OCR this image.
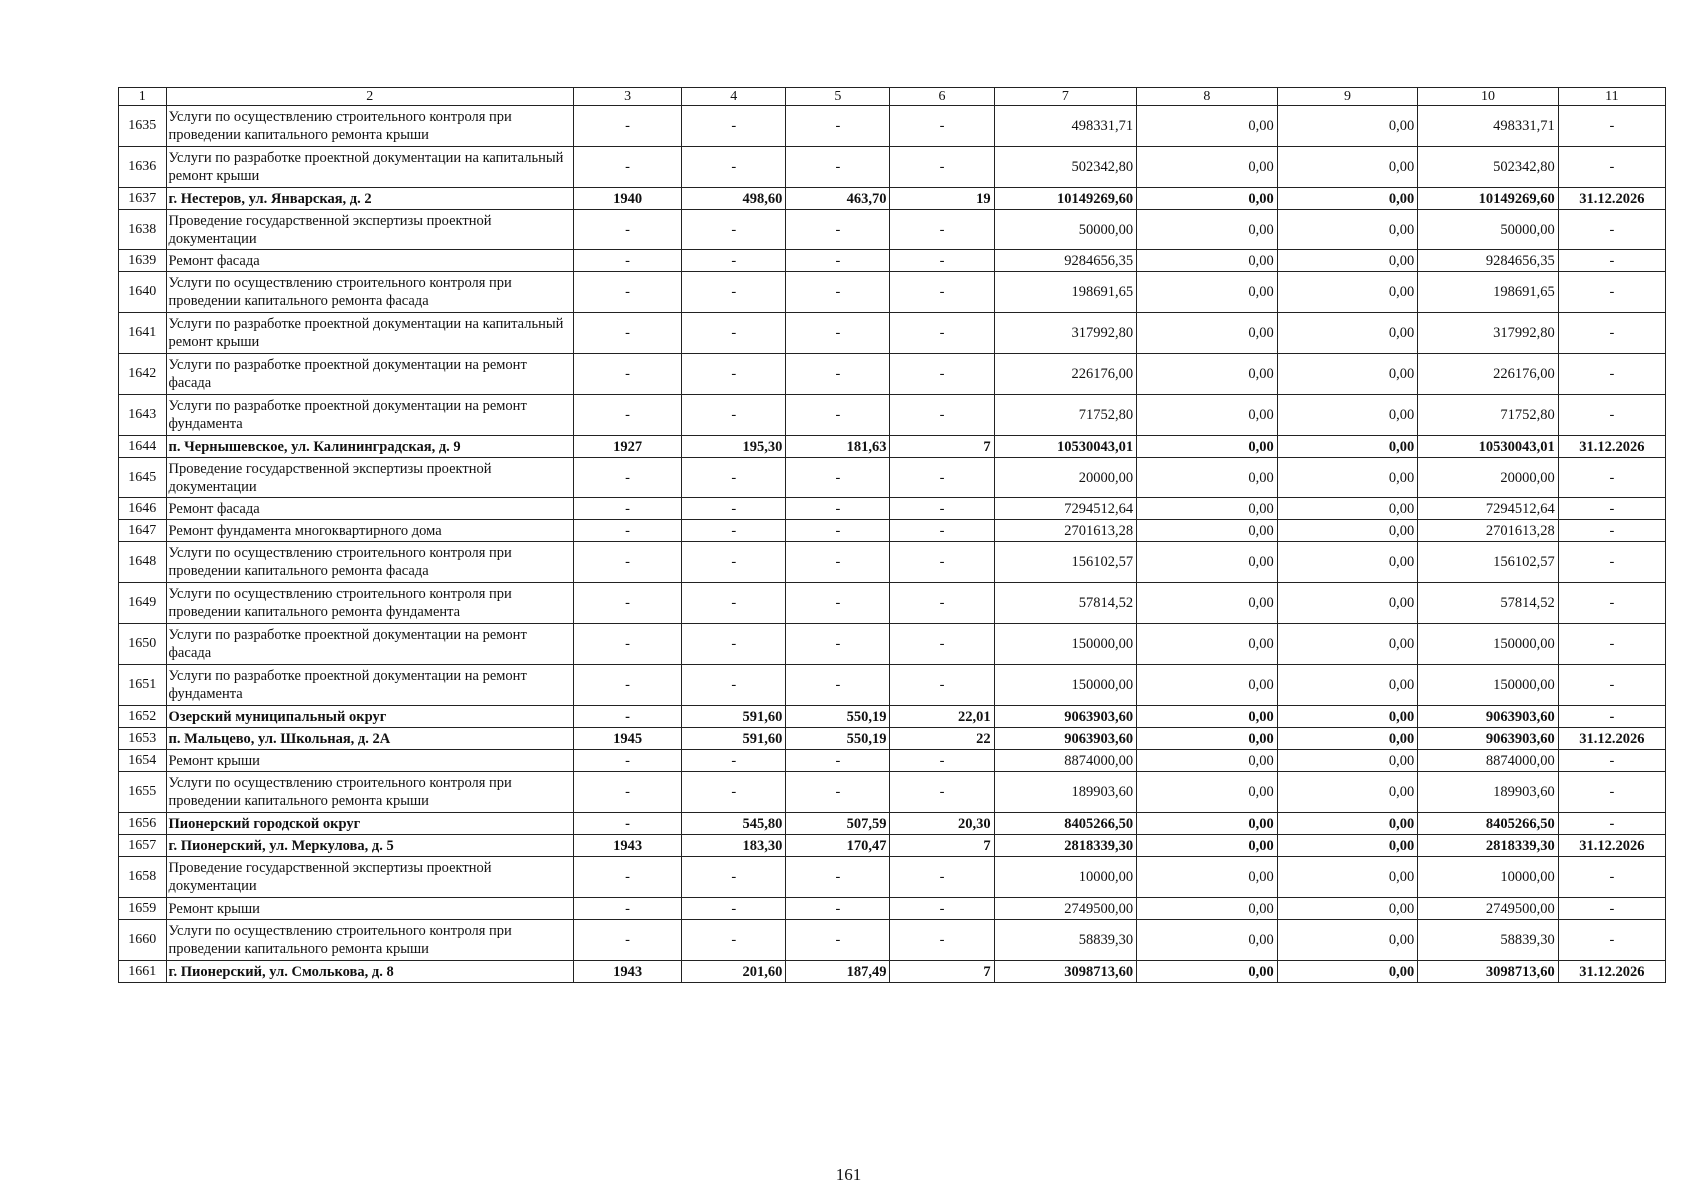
1	2	3	4	5	6	7	8	9	10	11
1635	Услуги по осуществлению строительного контроля при проведении капитального ремонта крыши	-	-	-	-	498331,71	0,00	0,00	498331,71	-
1636	Услуги по разработке проектной документации на капитальный ремонт крыши	-	-	-	-	502342,80	0,00	0,00	502342,80	-
1637	г. Нестеров, ул. Январская, д. 2	1940	498,60	463,70	19	10149269,60	0,00	0,00	10149269,60	31.12.2026
1638	Проведение государственной экспертизы проектной документации	-	-	-	-	50000,00	0,00	0,00	50000,00	-
1639	Ремонт фасада	-	-	-	-	9284656,35	0,00	0,00	9284656,35	-
1640	Услуги по осуществлению строительного контроля при проведении капитального ремонта фасада	-	-	-	-	198691,65	0,00	0,00	198691,65	-
1641	Услуги по разработке проектной документации на капитальный ремонт крыши	-	-	-	-	317992,80	0,00	0,00	317992,80	-
1642	Услуги по разработке проектной документации на ремонт фасада	-	-	-	-	226176,00	0,00	0,00	226176,00	-
1643	Услуги по разработке проектной документации на ремонт фундамента	-	-	-	-	71752,80	0,00	0,00	71752,80	-
1644	п. Чернышевское, ул. Калининградская, д. 9	1927	195,30	181,63	7	10530043,01	0,00	0,00	10530043,01	31.12.2026
1645	Проведение государственной экспертизы проектной документации	-	-	-	-	20000,00	0,00	0,00	20000,00	-
1646	Ремонт фасада	-	-	-	-	7294512,64	0,00	0,00	7294512,64	-
1647	Ремонт фундамента многоквартирного дома	-	-	-	-	2701613,28	0,00	0,00	2701613,28	-
1648	Услуги по осуществлению строительного контроля при проведении капитального ремонта фасада	-	-	-	-	156102,57	0,00	0,00	156102,57	-
1649	Услуги по осуществлению строительного контроля при проведении капитального ремонта фундамента	-	-	-	-	57814,52	0,00	0,00	57814,52	-
1650	Услуги по разработке проектной документации на ремонт фасада	-	-	-	-	150000,00	0,00	0,00	150000,00	-
1651	Услуги по разработке проектной документации на ремонт фундамента	-	-	-	-	150000,00	0,00	0,00	150000,00	-
1652	Озерский муниципальный округ	-	591,60	550,19	22,01	9063903,60	0,00	0,00	9063903,60	-
1653	п. Мальцево, ул. Школьная, д. 2А	1945	591,60	550,19	22	9063903,60	0,00	0,00	9063903,60	31.12.2026
1654	Ремонт крыши	-	-	-	-	8874000,00	0,00	0,00	8874000,00	-
1655	Услуги по осуществлению строительного контроля при проведении капитального ремонта крыши	-	-	-	-	189903,60	0,00	0,00	189903,60	-
1656	Пионерский городской округ	-	545,80	507,59	20,30	8405266,50	0,00	0,00	8405266,50	-
1657	г. Пионерский, ул. Меркулова, д. 5	1943	183,30	170,47	7	2818339,30	0,00	0,00	2818339,30	31.12.2026
1658	Проведение государственной экспертизы проектной документации	-	-	-	-	10000,00	0,00	0,00	10000,00	-
1659	Ремонт крыши	-	-	-	-	2749500,00	0,00	0,00	2749500,00	-
1660	Услуги по осуществлению строительного контроля при проведении капитального ремонта крыши	-	-	-	-	58839,30	0,00	0,00	58839,30	-
1661	г. Пионерский, ул. Смолькова, д. 8	1943	201,60	187,49	7	3098713,60	0,00	0,00	3098713,60	31.12.2026
161
